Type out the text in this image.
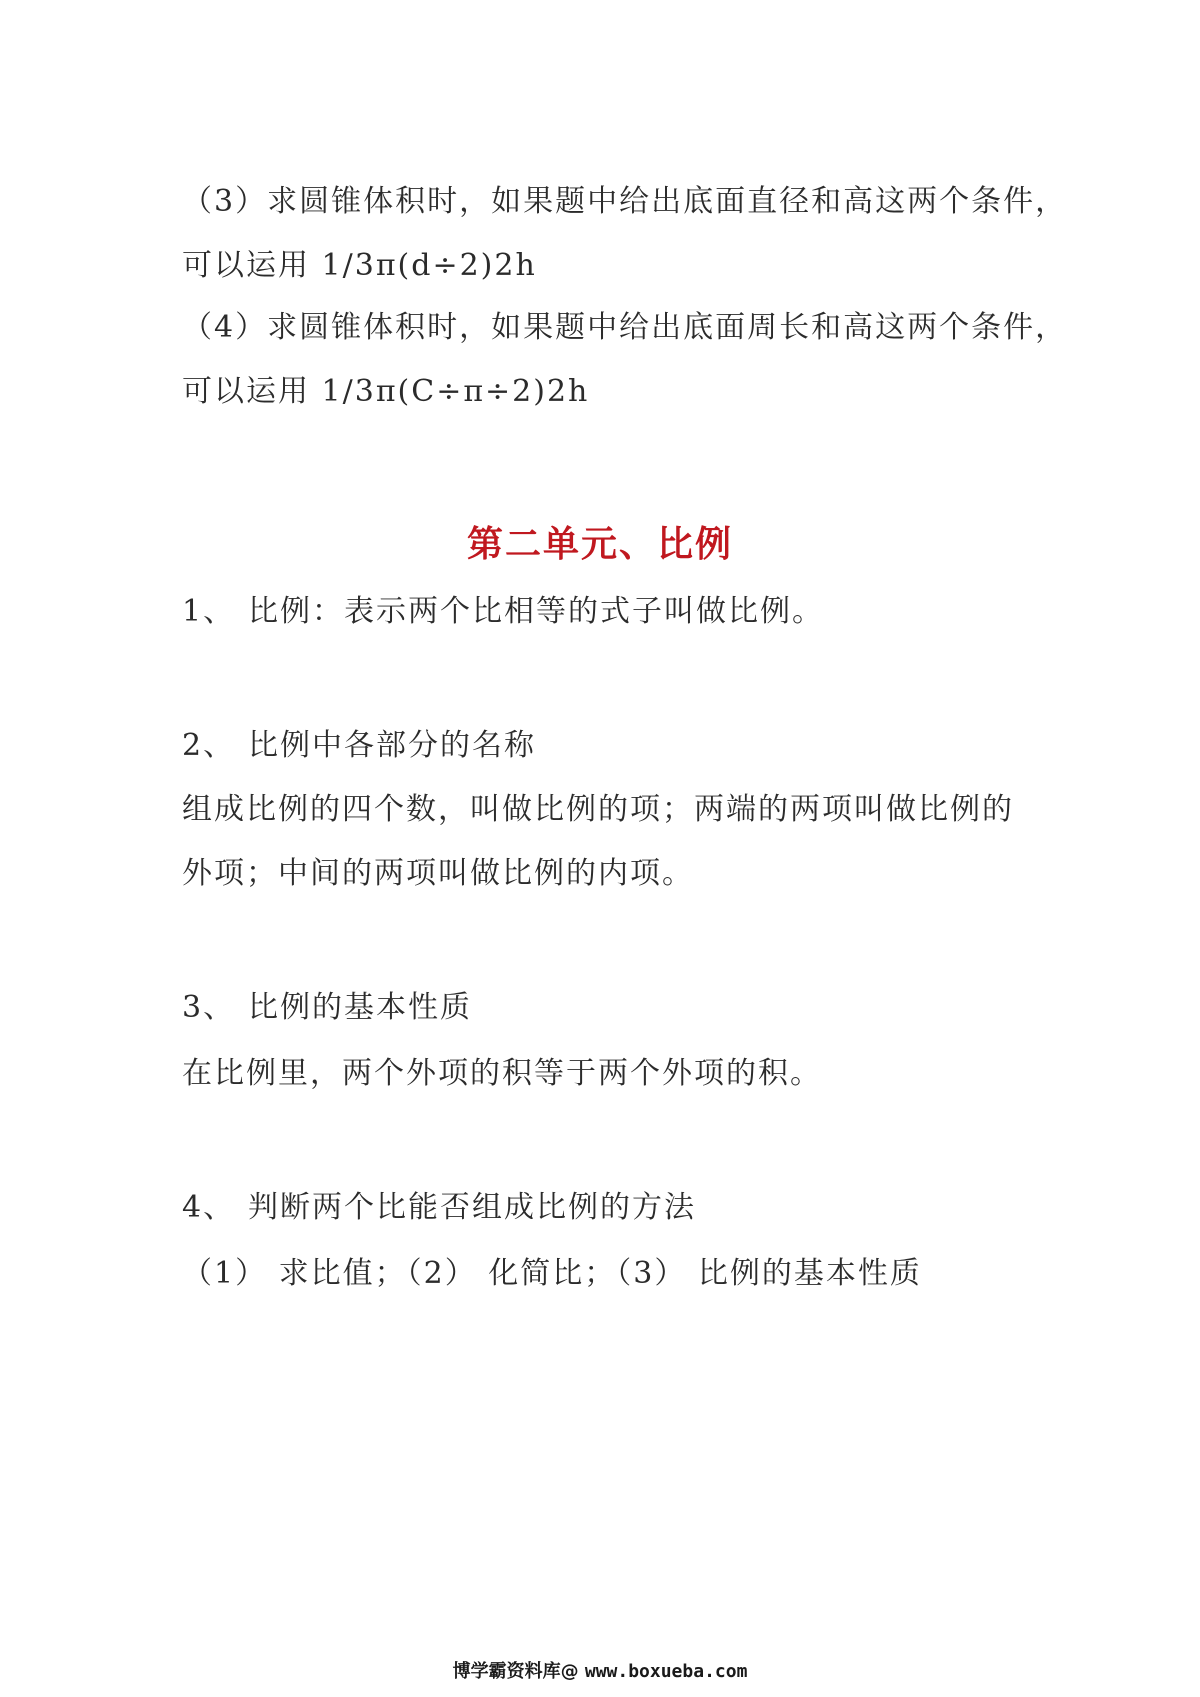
（3）求圆锥体积时，如果题中给出底面直径和高这两个条件，
可以运用 1/3π(d÷2)2h
（4）求圆锥体积时，如果题中给出底面周长和高这两个条件，
可以运用 1/3π(C÷π÷2)2h
第二单元、比例
1、 比例：表示两个比相等的式子叫做比例。
2、 比例中各部分的名称
组成比例的四个数，叫做比例的项；两端的两项叫做比例的
外项；中间的两项叫做比例的内项。
3、 比例的基本性质
在比例里，两个外项的积等于两个外项的积。
4、 判断两个比能否组成比例的方法
（1） 求比值；（2） 化简比；（3） 比例的基本性质
博学霸资料库@ www.boxueba.com
